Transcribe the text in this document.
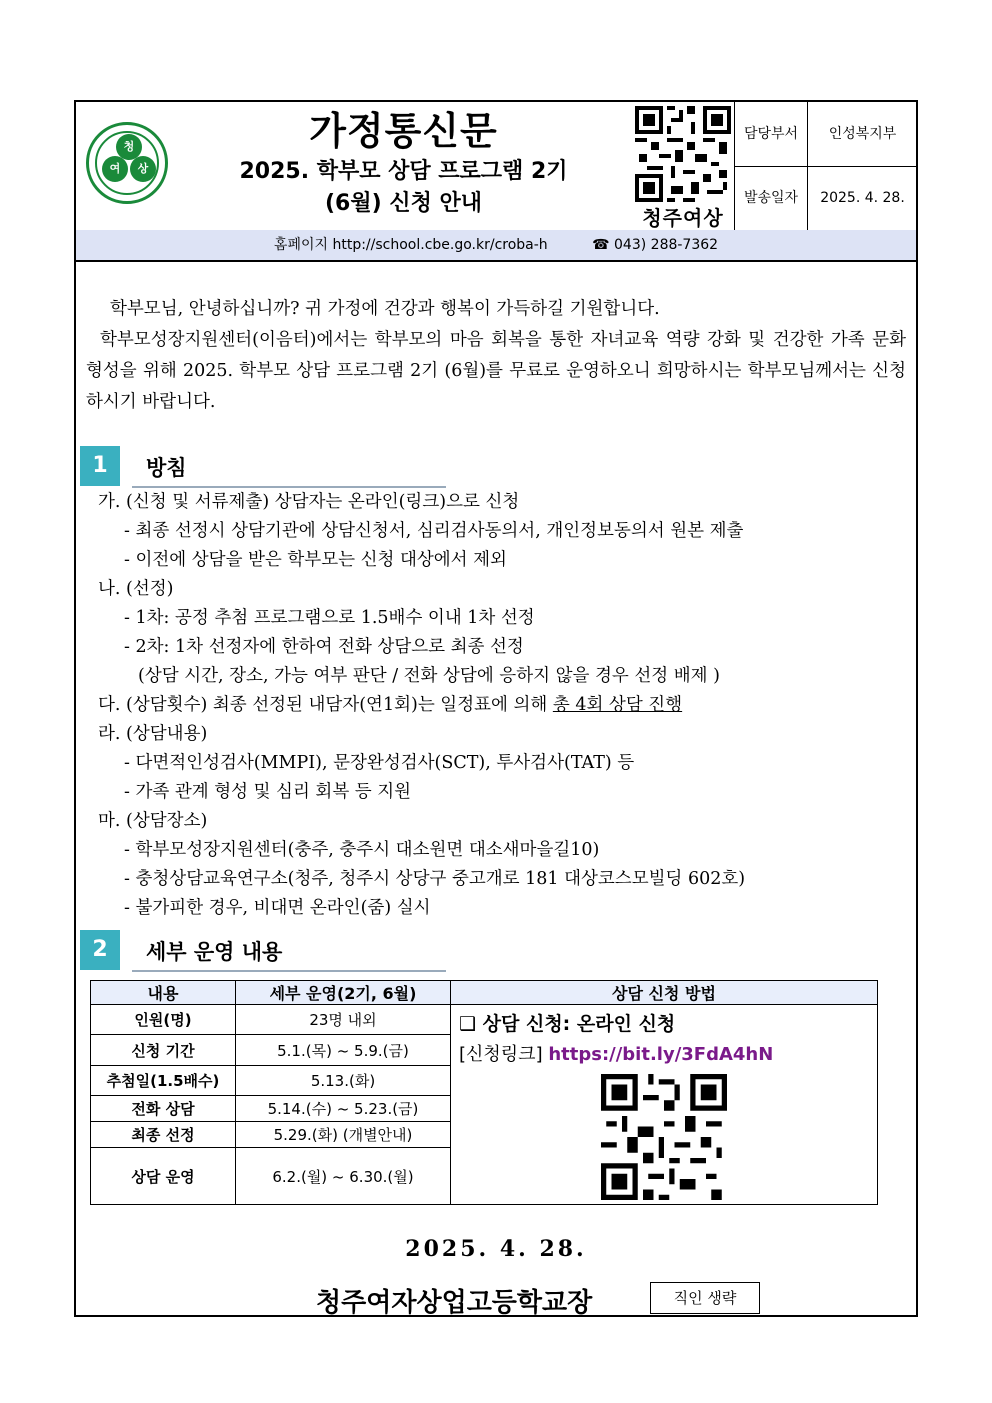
청
여	상
가정통신문
2025. 학부모 상담 프로그램 2기
(6월) 신청 안내
청주여상
담당부서	인성복지부
발송일자	2025. 4. 28.
홈페이지 http://school.cbe.go.kr/croba-h	☎ 043) 288-7362

학부모님, 안녕하십니까? 귀 가정에 건강과 행복이 가득하길 기원합니다.

학부모성장지원센터(이음터)에서는 학부모의 마음 회복을 통한 자녀교육 역량 강화 및 건강한 가족 문화 형성을 위해 2025. 학부모 상담 프로그램 2기 (6월)를 무료로 운영하오니 희망하시는 학부모님께서는 신청하시기 바랍니다.

1	방침
가. (신청 및 서류제출) 상담자는 온라인(링크)으로 신청
- 최종 선정시 상담기관에 상담신청서, 심리검사동의서, 개인정보동의서 원본 제출
- 이전에 상담을 받은 학부모는 신청 대상에서 제외
나. (선정)
- 1차: 공정 추첨 프로그램으로 1.5배수 이내 1차 선정
- 2차: 1차 선정자에 한하여 전화 상담으로 최종 선정
(상담 시간, 장소, 가능 여부 판단 / 전화 상담에 응하지 않을 경우 선정 배제 )
다. (상담횟수) 최종 선정된 내담자(연1회)는 일정표에 의해 총 4회 상담 진행
라. (상담내용)
- 다면적인성검사(MMPI), 문장완성검사(SCT), 투사검사(TAT) 등
- 가족 관계 형성 및 심리 회복 등 지원
마. (상담장소)
- 학부모성장지원센터(충주, 충주시 대소원면 대소새마을길10)
- 충청상담교육연구소(청주, 청주시 상당구 중고개로 181 대상코스모빌딩 602호)
- 불가피한 경우, 비대면 온라인(줌) 실시
2	세부 운영 내용
내용	세부 운영(2기, 6월)	상담 신청 방법
인원(명)	23명 내외	❑ 상담 신청: 온라인 신청
[신청링크] https://bit.ly/3FdA4hN

신청 기간	5.1.(목) ~ 5.9.(금)	
추첨일(1.5배수)	5.13.(화)	
전화 상담	5.14.(수) ~ 5.23.(금)	
최종 선정	5.29.(화) (개별안내)	
상담 운영	6.2.(월) ~ 6.30.(월)	
2025. 4. 28.
청주여자상업고등학교장	직인 생략
